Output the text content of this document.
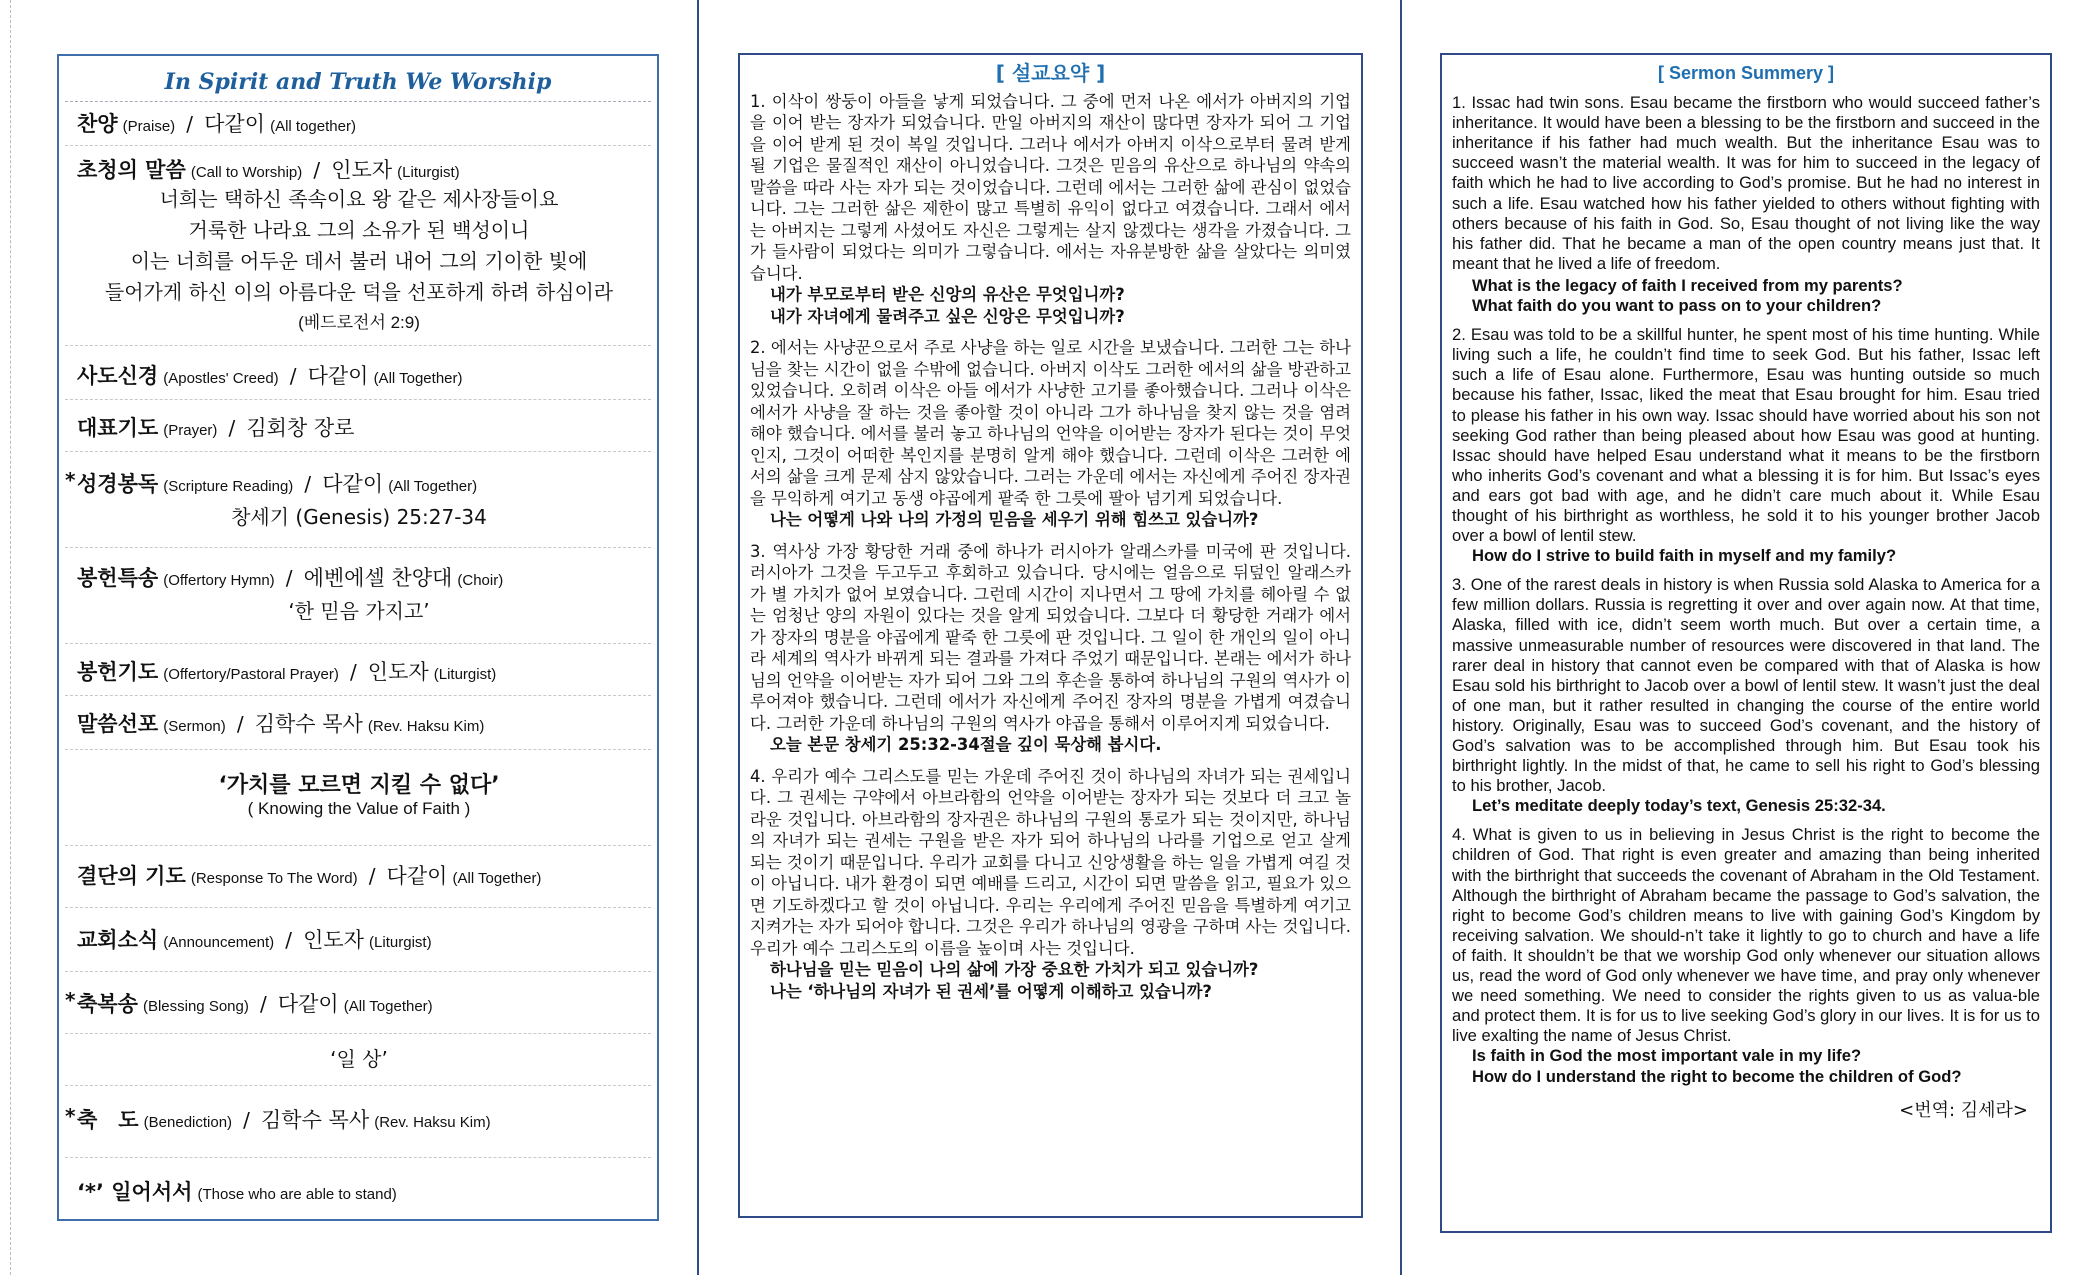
In Spirit and Truth We Worship
찬양 (Praise) / 다같이 (All together)
초청의 말씀 (Call to Worship) / 인도자 (Liturgist)
너희는 택하신 족속이요 왕 같은 제사장들이요
거룩한 나라요 그의 소유가 된 백성이니
이는 너희를 어두운 데서 불러 내어 그의 기이한 빛에
들어가게 하신 이의 아름다운 덕을 선포하게 하려 하심이라
(베드로전서 2:9)
사도신경 (Apostles' Creed) / 다같이 (All Together)
대표기도 (Prayer) / 김회창 장로
* 성경봉독 (Scripture Reading) / 다같이 (All Together)
창세기 (Genesis) 25:27-34
봉헌특송 (Offertory Hymn) / 에벤에셀 찬양대 (Choir)
‘한 믿음 가지고’
봉헌기도 (Offertory/Pastoral Prayer) / 인도자 (Liturgist)
말씀선포 (Sermon) / 김학수 목사 (Rev. Haksu Kim)
‘가치를 모르면 지킬 수 없다’
( Knowing the Value of Faith )
결단의 기도 (Response To The Word) / 다같이 (All Together)
교회소식 (Announcement) / 인도자 (Liturgist)
* 축복송 (Blessing Song) / 다같이 (All Together)
‘일 상’
* 축　도 (Benediction) / 김학수 목사 (Rev. Haksu Kim)
‘*’ 일어서서 (Those who are able to stand)
[ 설교요약 ]
1. 이삭이 쌍둥이 아들을 낳게 되었습니다. 그 중에 먼저 나온 에서가 아버지의 기업을 이어 받는 장자가 되었습니다. 만일 아버지의 재산이 많다면 장자가 되어 그 기업을 이어 받게 된 것이 복일 것입니다. 그러나 에서가 아버지 이삭으로부터 물려 받게 될 기업은 물질적인 재산이 아니었습니다. 그것은 믿음의 유산으로 하나님의 약속의 말씀을 따라 사는 자가 되는 것이었습니다. 그런데 에서는 그러한 삶에 관심이 없었습니다. 그는 그러한 삶은 제한이 많고 특별히 유익이 없다고 여겼습니다. 그래서 에서는 아버지는 그렇게 사셨어도 자신은 그렇게는 살지 않겠다는 생각을 가졌습니다. 그가 들사람이 되었다는 의미가 그렇습니다. 에서는 자유분방한 삶을 살았다는 의미였습니다.
내가 부모로부터 받은 신앙의 유산은 무엇입니까?
내가 자녀에게 물려주고 싶은 신앙은 무엇입니까?
2. 에서는 사냥꾼으로서 주로 사냥을 하는 일로 시간을 보냈습니다. 그러한 그는 하나님을 찾는 시간이 없을 수밖에 없습니다. 아버지 이삭도 그러한 에서의 삶을 방관하고 있었습니다. 오히려 이삭은 아들 에서가 사냥한 고기를 좋아했습니다. 그러나 이삭은 에서가 사냥을 잘 하는 것을 좋아할 것이 아니라 그가 하나님을 찾지 않는 것을 염려해야 했습니다. 에서를 불러 놓고 하나님의 언약을 이어받는 장자가 된다는 것이 무엇인지, 그것이 어떠한 복인지를 분명히 알게 해야 했습니다. 그런데 이삭은 그러한 에서의 삶을 크게 문제 삼지 않았습니다. 그러는 가운데 에서는 자신에게 주어진 장자권을 무익하게 여기고 동생 야곱에게 팥죽 한 그릇에 팔아 넘기게 되었습니다.
나는 어떻게 나와 나의 가정의 믿음을 세우기 위해 힘쓰고 있습니까?
3. 역사상 가장 황당한 거래 중에 하나가 러시아가 알래스카를 미국에 판 것입니다. 러시아가 그것을 두고두고 후회하고 있습니다. 당시에는 얼음으로 뒤덮인 알래스카가 별 가치가 없어 보였습니다. 그런데 시간이 지나면서 그 땅에 가치를 헤아릴 수 없는 엄청난 양의 자원이 있다는 것을 알게 되었습니다. 그보다 더 황당한 거래가 에서가 장자의 명분을 야곱에게 팥죽 한 그릇에 판 것입니다. 그 일이 한 개인의 일이 아니라 세계의 역사가 바뀌게 되는 결과를 가져다 주었기 때문입니다. 본래는 에서가 하나님의 언약을 이어받는 자가 되어 그와 그의 후손을 통하여 하나님의 구원의 역사가 이루어져야 했습니다. 그런데 에서가 자신에게 주어진 장자의 명분을 가볍게 여겼습니다. 그러한 가운데 하나님의 구원의 역사가 야곱을 통해서 이루어지게 되었습니다.
오늘 본문 창세기 25:32-34절을 깊이 묵상해 봅시다.
4. 우리가 예수 그리스도를 믿는 가운데 주어진 것이 하나님의 자녀가 되는 권세입니다. 그 권세는 구약에서 아브라함의 언약을 이어받는 장자가 되는 것보다 더 크고 놀라운 것입니다. 아브라함의 장자권은 하나님의 구원의 통로가 되는 것이지만, 하나님의 자녀가 되는 권세는 구원을 받은 자가 되어 하나님의 나라를 기업으로 얻고 살게 되는 것이기 때문입니다. 우리가 교회를 다니고 신앙생활을 하는 일을 가볍게 여길 것이 아닙니다. 내가 환경이 되면 예배를 드리고, 시간이 되면 말씀을 읽고, 필요가 있으면 기도하겠다고 할 것이 아닙니다. 우리는 우리에게 주어진 믿음을 특별하게 여기고 지켜가는 자가 되어야 합니다. 그것은 우리가 하나님의 영광을 구하며 사는 것입니다. 우리가 예수 그리스도의 이름을 높이며 사는 것입니다.
하나님을 믿는 믿음이 나의 삶에 가장 중요한 가치가 되고 있습니까?
나는 ‘하나님의 자녀가 된 권세’를 어떻게 이해하고 있습니까?
[ Sermon Summery ]
1. Issac had twin sons. Esau became the firstborn who would succeed father’s inheritance. It would have been a blessing to be the firstborn and succeed in the inheritance if his father had much wealth. But the inheritance Esau was to succeed wasn’t the material wealth. It was for him to succeed in the legacy of faith which he had to live according to God’s promise. But he had no interest in such a life. Esau watched how his father yielded to others without fighting with others because of his faith in God. So, Esau thought of not living like the way his father did. That he became a man of the open country means just that. It meant that he lived a life of freedom.
What is the legacy of faith I received from my parents?
What faith do you want to pass on to your children?
2. Esau was told to be a skillful hunter, he spent most of his time hunting. While living such a life, he couldn’t find time to seek God. But his father, Issac left such a life of Esau alone. Furthermore, Esau was hunting outside so much because his father, Issac, liked the meat that Esau brought for him. Esau tried to please his father in his own way. Issac should have worried about his son not seeking God rather than being pleased about how Esau was good at hunting. Issac should have helped Esau understand what it means to be the firstborn who inherits God’s covenant and what a blessing it is for him. But Issac’s eyes and ears got bad with age, and he didn’t care much about it. While Esau thought of his birthright as worthless, he sold it to his younger brother Jacob over a bowl of lentil stew.
How do I strive to build faith in myself and my family?
3. One of the rarest deals in history is when Russia sold Alaska to America for a few million dollars. Russia is regretting it over and over again now. At that time, Alaska, filled with ice, didn’t seem worth much. But over a certain time, a massive unmeasurable number of resources were discovered in that land. The rarer deal in history that cannot even be compared with that of Alaska is how Esau sold his birthright to Jacob over a bowl of lentil stew. It wasn’t just the deal of one man, but it rather resulted in changing the course of the entire world history. Originally, Esau was to succeed God’s covenant, and the history of God’s salvation was to be accomplished through him. But Esau took his birthright lightly. In the midst of that, he came to sell his right to God’s blessing to his brother, Jacob.
Let’s meditate deeply today’s text, Genesis 25:32-34.
4. What is given to us in believing in Jesus Christ is the right to become the children of God. That right is even greater and amazing than being inherited with the birthright that succeeds the covenant of Abraham in the Old Testament. Although the birthright of Abraham became the passage to God’s salvation, the right to become God’s children means to live with gaining God’s Kingdom by receiving salvation. We should-n’t take it lightly to go to church and have a life of faith. It shouldn’t be that we worship God only whenever our situation allows us, read the word of God only whenever we have time, and pray only whenever we need something. We need to consider the rights given to us as valua-ble and protect them. It is for us to live seeking God’s glory in our lives. It is for us to live exalting the name of Jesus Christ.
Is faith in God the most important vale in my life?
How do I understand the right to become the children of God?
<번역: 김세라>
